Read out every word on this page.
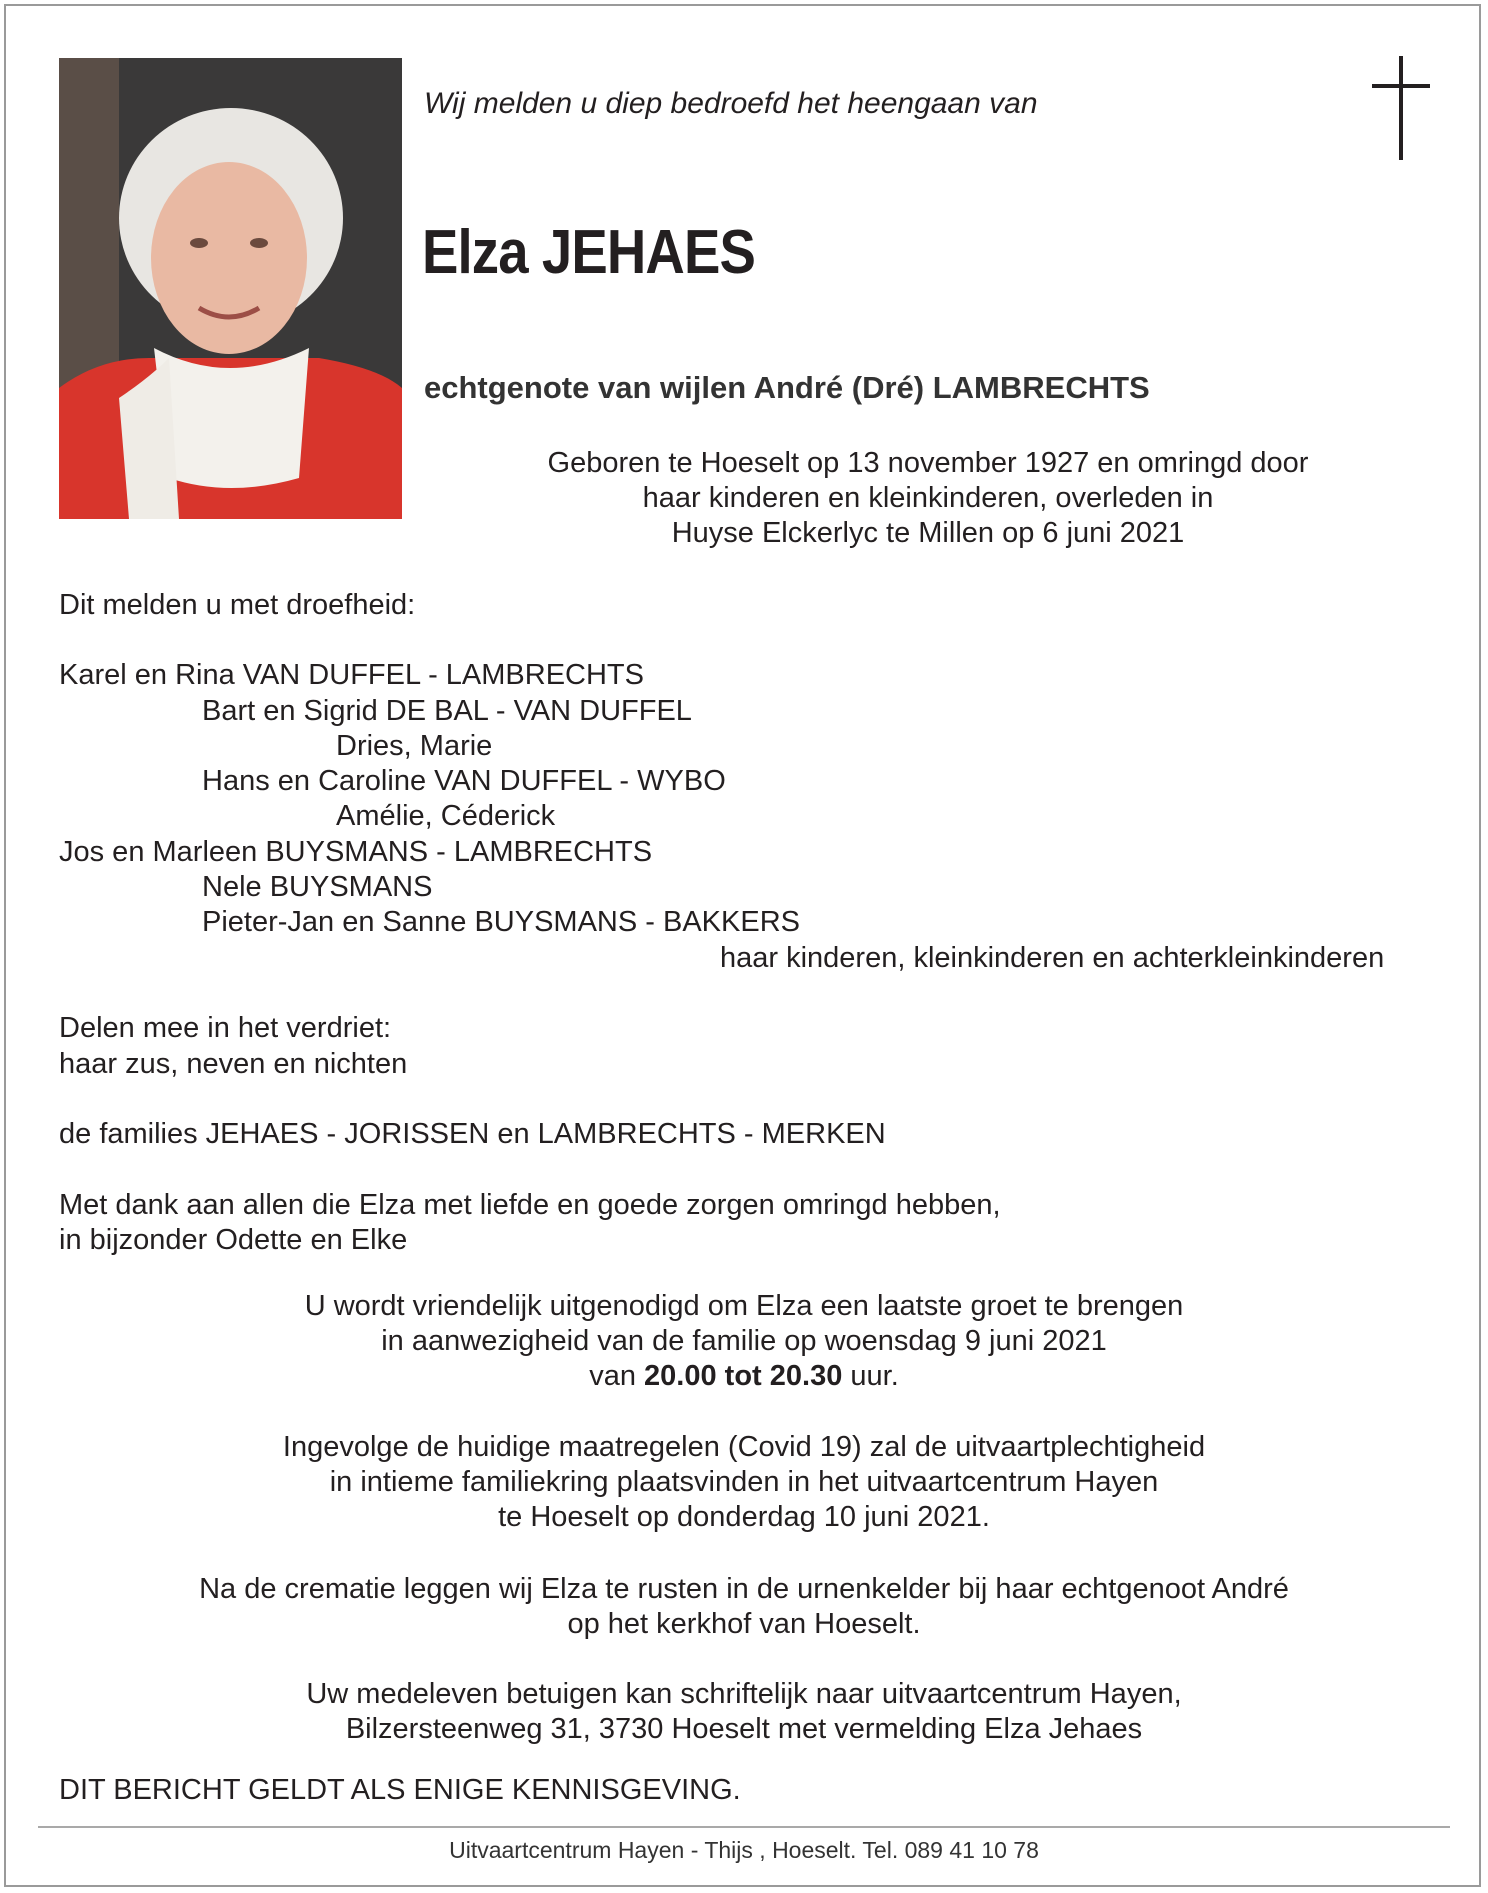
Wij melden u diep bedroefd het heengaan van

Elza JEHAES

echtgenote van wijlen André (Dré) LAMBRECHTS

Geboren te Hoeselt op 13 november 1927 en omringd door
haar kinderen en kleinkinderen, overleden in
Huyse Elckerlyc te Millen op 6 juni 2021

Dit melden u met droefheid:

Karel en Rina VAN DUFFEL - LAMBRECHTS

Bart en Sigrid DE BAL - VAN DUFFEL

Dries, Marie

Hans en Caroline VAN DUFFEL - WYBO

Amélie, Céderick

Jos en Marleen BUYSMANS - LAMBRECHTS

Nele BUYSMANS

Pieter-Jan en Sanne BUYSMANS - BAKKERS

haar kinderen, kleinkinderen en achterkleinkinderen

Delen mee in het verdriet:

haar zus, neven en nichten

de families JEHAES - JORISSEN en LAMBRECHTS - MERKEN

Met dank aan allen die Elza met liefde en goede zorgen omringd hebben,

in bijzonder Odette en Elke

U wordt vriendelijk uitgenodigd om Elza een laatste groet te brengen
in aanwezigheid van de familie op woensdag 9 juni 2021
van 20.00 tot 20.30 uur.
Ingevolge de huidige maatregelen (Covid 19) zal de uitvaartplechtigheid
in intieme familiekring plaatsvinden in het uitvaartcentrum Hayen
te Hoeselt op donderdag 10 juni 2021.
Na de crematie leggen wij Elza te rusten in de urnenkelder bij haar echtgenoot André
op het kerkhof van Hoeselt.
Uw medeleven betuigen kan schriftelijk naar uitvaartcentrum Hayen,
Bilzersteenweg 31, 3730 Hoeselt met vermelding Elza Jehaes

DIT BERICHT GELDT ALS ENIGE KENNISGEVING.

Uitvaartcentrum Hayen - Thijs , Hoeselt. Tel. 089 41 10 78
